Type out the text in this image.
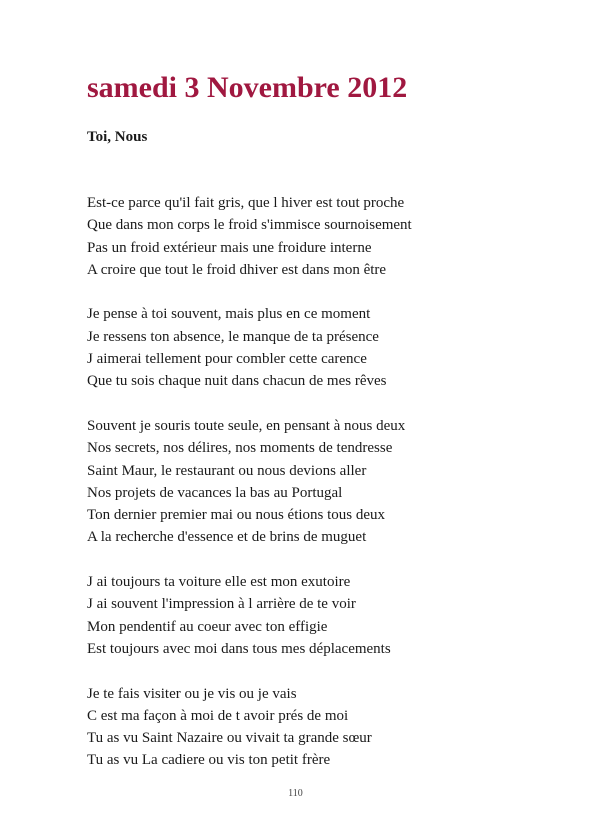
samedi 3 Novembre 2012
Toi, Nous
Est-ce parce qu'il fait gris, que l hiver est tout proche
Que dans mon corps le froid s'immisce sournoisement
Pas un froid extérieur mais une froidure interne
A croire que tout le froid dhiver est dans mon être
Je pense à toi souvent, mais plus en ce moment
Je ressens ton absence, le manque de ta présence
J aimerai tellement pour combler cette carence
Que tu sois chaque nuit dans chacun de mes rêves
Souvent je souris toute seule, en pensant à nous deux
Nos secrets, nos délires, nos moments de tendresse
Saint Maur, le restaurant ou nous devions aller
Nos projets de vacances la bas au Portugal
Ton dernier premier mai ou nous étions tous deux
A la recherche d'essence et de brins de muguet
J ai toujours ta voiture elle est mon exutoire
J ai souvent l'impression à l arrière de te voir
Mon pendentif au coeur avec ton effigie
Est toujours avec moi dans tous mes déplacements
Je te fais visiter ou je vis ou je vais
C est ma façon à moi de t avoir prés de moi
Tu as vu Saint Nazaire ou vivait ta grande sœur
Tu as vu La cadiere ou vis ton petit frère
110
